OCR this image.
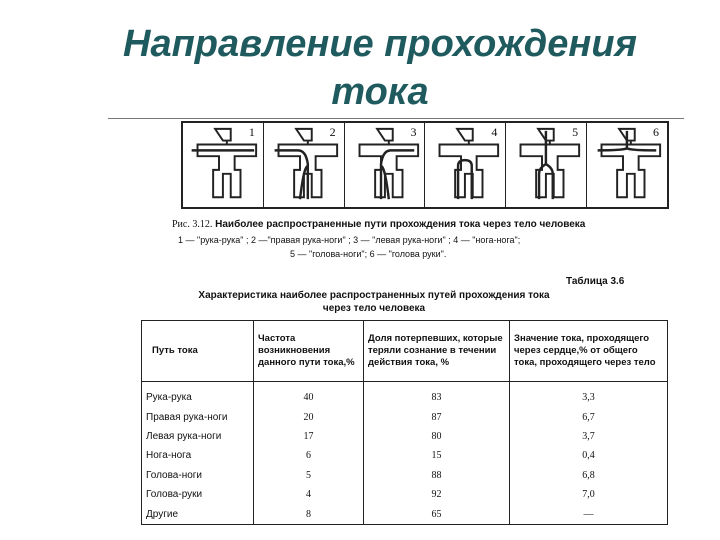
Направление прохождения
тока
1	2	3	4	5	6
Рис. 3.12. Наиболее распространенные пути прохождения тока через тело человека
1 — "рука-рука" ; 2 —"правая рука-ноги" ; 3 — "левая рука-ноги" ; 4 — "нога-нога";
5 — "голова-ноги"; 6 — "голова руки".
Таблица 3.6
Характеристика наиболее распространенных путей прохождения тока
через тело человека
Путь тока	Частота возникновения данного пути тока,%	Доля потерпевших, которые теряли сознание в течении действия тока, %	Значение тока, проходящего через сердце,% от общего тока, проходящего через тело
Рука-рука	40	83	3,3
Правая рука-ноги	20	87	6,7
Левая рука-ноги	17	80	3,7
Нога-нога	6	15	0,4
Голова-ноги	5	88	6,8
Голова-руки	4	92	7,0
Другие	8	65	—
